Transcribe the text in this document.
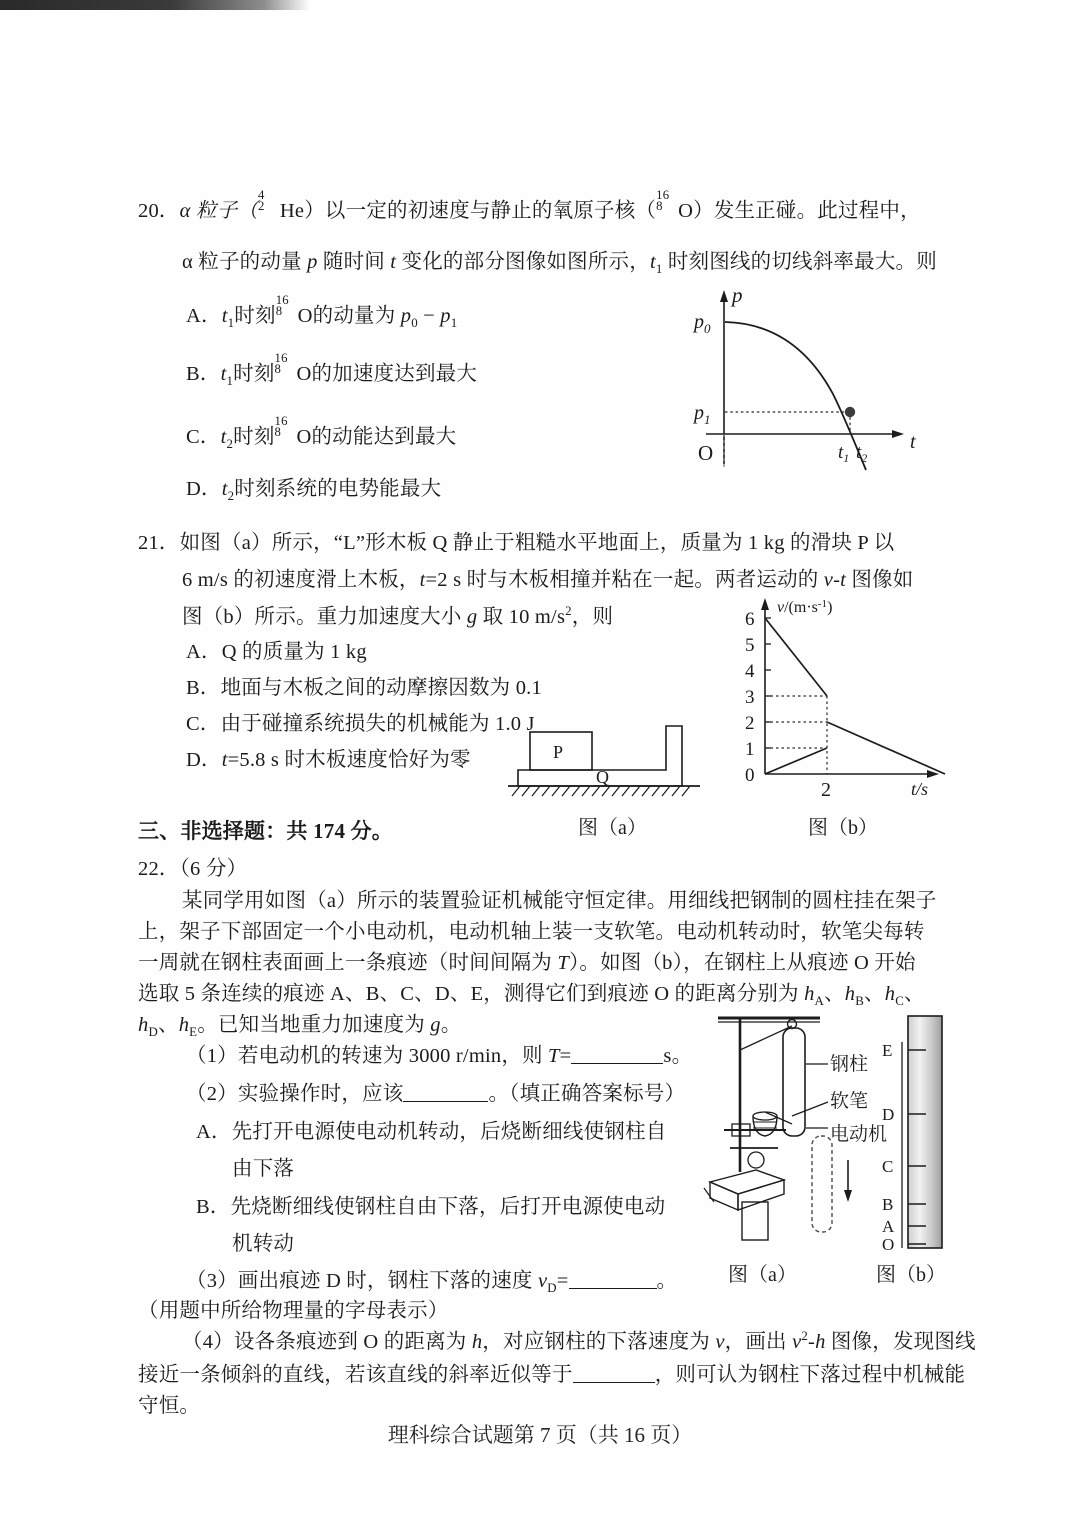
20．α 粒子（
4
2 He）以一定的初速度与静止的氧原子核（
16
8 O）发生正碰。此过程中，
α 粒子的动量 p 随时间 t 变化的部分图像如图所示，$t_1$ 时刻图线的切线斜率最大。则
A．$t_1$时刻
16
8 O的动量为 $p_0 - p_1$
B．$t_1$时刻
16
8 O的加速度达到最大
C．$t_2$时刻
16
8 O的动能达到最大
D．$t_2$时刻系统的电势能最大
p
t
$p_0$
$p_1$
O	$t_1$ $t_2$
21．如图（a）所示，“L”形木板 Q 静止于粗糙水平地面上，质量为 1 kg 的滑块 P 以
6 m/s 的初速度滑上木板，t=2 s 时与木板相撞并粘在一起。两者运动的 v-t 图像如
图（b）所示。重力加速度大小 g 取 10 $m/s^2$，则
A．Q 的质量为 1 kg
B．地面与木板之间的动摩擦因数为 0.1
C．由于碰撞系统损失的机械能为 1.0 J
D．t=5.8 s 时木板速度恰好为零	P
Q
图（a）
6
5
4
3
2
1
0
2
$v/(m\cdot s^{-1})$
t/s
图（b）
三、非选择题：共 174 分。
22．（6 分）
某同学用如图（a）所示的装置验证机械能守恒定律。用细线把钢制的圆柱挂在架子
上，架子下部固定一个小电动机，电动机轴上装一支软笔。电动机转动时，软笔尖每转
一周就在钢柱表面画上一条痕迹（时间间隔为 T）。如图（b），在钢柱上从痕迹 O 开始
选取 5 条连续的痕迹 A、B、C、D、E，测得它们到痕迹 O 的距离分别为 $h_A$、$h_B$、$h_C$、
$h_D$、$h_E$。已知当地重力加速度为 g。
（1）若电动机的转速为 3000 r/min，则 T=	s。
（2）实验操作时，应该	。（填正确答案标号）
A．先打开电源使电动机转动，后烧断细线使钢柱自
由下落
B．先烧断细线使钢柱自由下落，后打开电源使电动
机转动
（3）画出痕迹 D 时，钢柱下落的速度 $v_D=$	。
（用题中所给物理量的字母表示）
（4）设各条痕迹到 O 的距离为 h，对应钢柱的下落速度为 v，画出 $v^2-h$ 图像，发现图线
接近一条倾斜的直线，若该直线的斜率近似等于	，则可认为钢柱下落过程中机械能
守恒。
钢柱
软笔
电动机
E
D
C
B
A
O
图（a）	图（b）
理科综合试题第 7 页（共 16 页）
